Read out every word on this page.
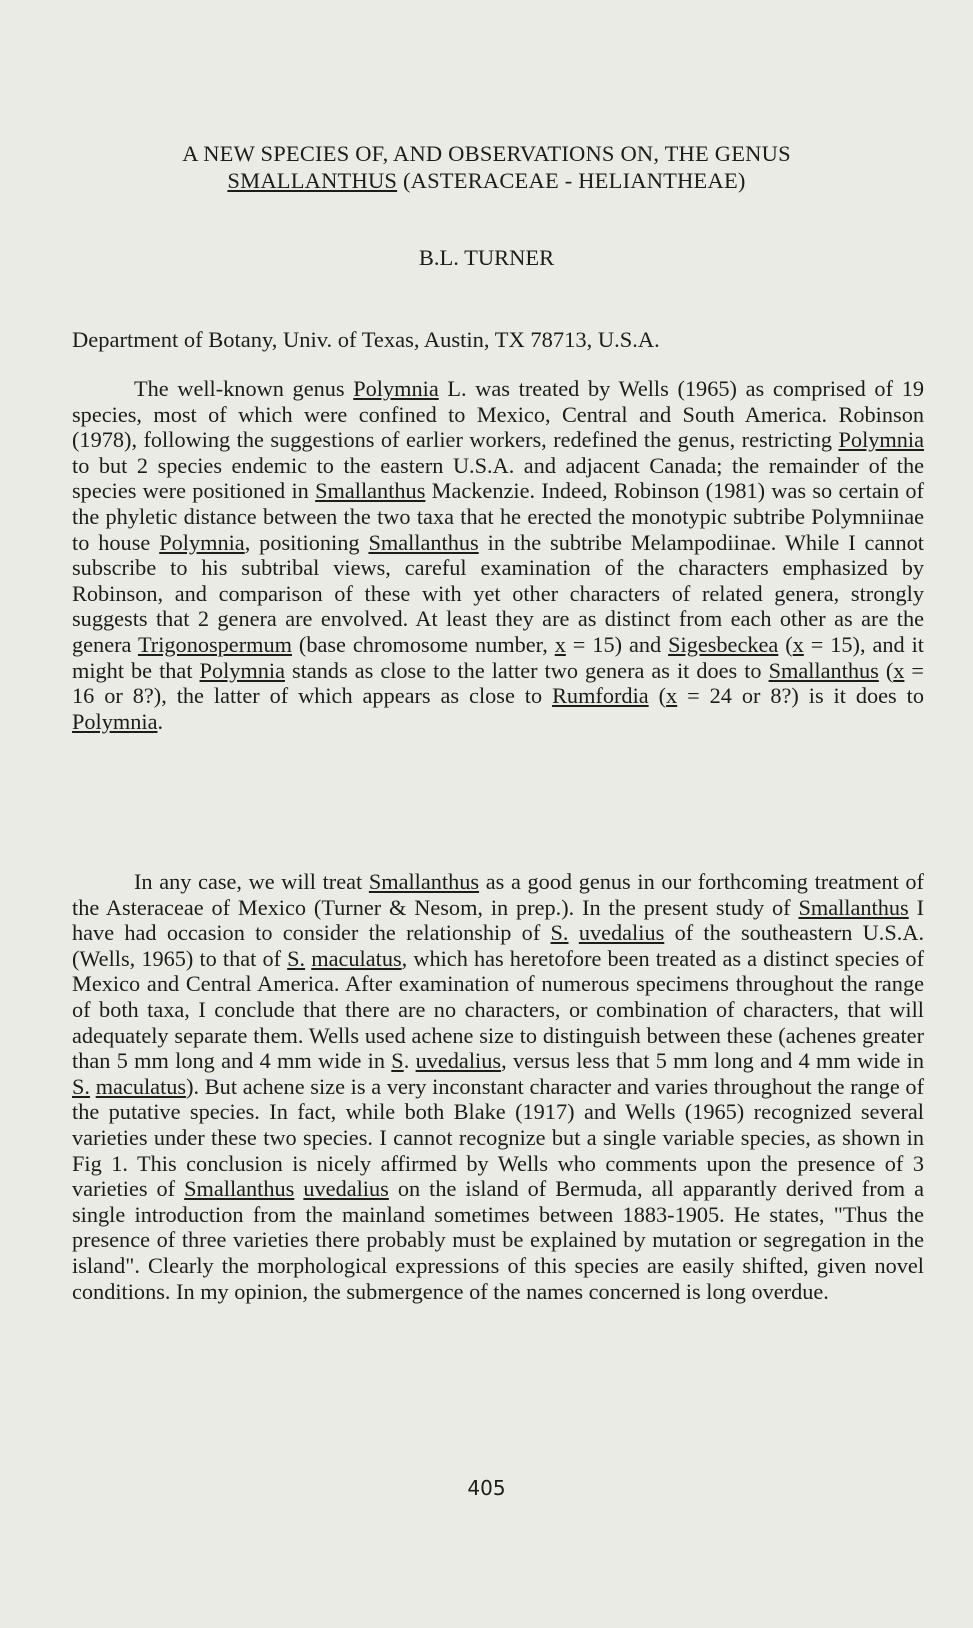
A NEW SPECIES OF, AND OBSERVATIONS ON, THE GENUS
SMALLANTHUS (ASTERACEAE - HELIANTHEAE)
B.L. TURNER
Department of Botany, Univ. of Texas, Austin, TX 78713, U.S.A.

The well-known genus Polymnia L. was treated by Wells (1965) as comprised of 19 species, most of which were confined to Mexico, Central and South America. Robinson (1978), following the suggestions of earlier workers, redefined the genus, restricting Polymnia to but 2 species endemic to the eastern U.S.A. and adjacent Canada; the remainder of the species were positioned in Smallanthus Mackenzie. Indeed, Robinson (1981) was so certain of the phyletic distance between the two taxa that he erected the monotypic subtribe Polymniinae to house Polymnia, positioning Smallanthus in the subtribe Melampodiinae. While I cannot subscribe to his subtribal views, careful examination of the characters emphasized by Robinson, and comparison of these with yet other characters of related genera, strongly suggests that 2 genera are envolved. At least they are as distinct from each other as are the genera Trigonospermum (base chromosome number, x = 15) and Sigesbeckea (x = 15), and it might be that Polymnia stands as close to the latter two genera as it does to Smallanthus (x = 16 or 8?), the latter of which appears as close to Rumfordia (x = 24 or 8?) is it does to Polymnia.

In any case, we will treat Smallanthus as a good genus in our forthcoming treatment of the Asteraceae of Mexico (Turner & Nesom, in prep.). In the present study of Smallanthus I have had occasion to consider the relationship of S. uvedalius of the southeastern U.S.A. (Wells, 1965) to that of S. maculatus, which has heretofore been treated as a distinct species of Mexico and Central America. After examination of numerous specimens throughout the range of both taxa, I conclude that there are no characters, or combination of characters, that will adequately separate them. Wells used achene size to distinguish between these (achenes greater than 5 mm long and 4 mm wide in S. uvedalius, versus less that 5 mm long and 4 mm wide in S. maculatus). But achene size is a very inconstant character and varies throughout the range of the putative species. In fact, while both Blake (1917) and Wells (1965) recognized several varieties under these two species. I cannot recognize but a single variable species, as shown in Fig 1. This conclusion is nicely affirmed by Wells who comments upon the presence of 3 varieties of Smallanthus uvedalius on the island of Bermuda, all apparantly derived from a single introduction from the mainland sometimes between 1883-1905. He states, "Thus the presence of three varieties there probably must be explained by mutation or segregation in the island". Clearly the morphological expressions of this species are easily shifted, given novel conditions. In my opinion, the submergence of the names concerned is long overdue.

405
